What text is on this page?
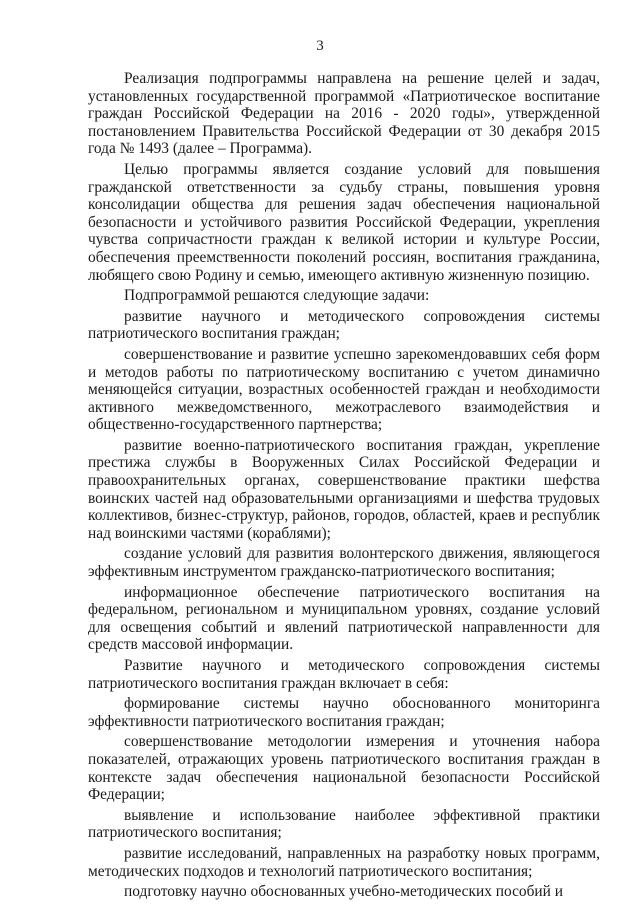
3

Реализация подпрограммы направлена на решение целей и задач, установленных государственной программой «Патриотическое воспитание граждан Российской Федерации на 2016 - 2020 годы», утвержденной постановлением Правительства Российской Федерации от 30 декабря 2015 года № 1493 (далее – Программа).

Целью программы является создание условий для повышения гражданской ответственности за судьбу страны, повышения уровня консолидации общества для решения задач обеспечения национальной безопасности и устойчивого развития Российской Федерации, укрепления чувства сопричастности граждан к великой истории и культуре России, обеспечения преемственности поколений россиян, воспитания гражданина, любящего свою Родину и семью, имеющего активную жизненную позицию.

Подпрограммой решаются следующие задачи:

развитие научного и методического сопровождения системы патриотического воспитания граждан;

совершенствование и развитие успешно зарекомендовавших себя форм и методов работы по патриотическому воспитанию с учетом динамично меняющейся ситуации, возрастных особенностей граждан и необходимости активного межведомственного, межотраслевого взаимодействия и общественно-государственного партнерства;

развитие военно-патриотического воспитания граждан, укрепление престижа службы в Вооруженных Силах Российской Федерации и правоохранительных органах, совершенствование практики шефства воинских частей над образовательными организациями и шефства трудовых коллективов, бизнес-структур, районов, городов, областей, краев и республик над воинскими частями (кораблями);

создание условий для развития волонтерского движения, являющегося эффективным инструментом гражданско-патриотического воспитания;

информационное обеспечение патриотического воспитания на федеральном, региональном и муниципальном уровнях, создание условий для освещения событий и явлений патриотической направленности для средств массовой информации.

Развитие научного и методического сопровождения системы патриотического воспитания граждан включает в себя:

формирование системы научно обоснованного мониторинга эффективности патриотического воспитания граждан;

совершенствование методологии измерения и уточнения набора показателей, отражающих уровень патриотического воспитания граждан в контексте задач обеспечения национальной безопасности Российской Федерации;

выявление и использование наиболее эффективной практики патриотического воспитания;

развитие исследований, направленных на разработку новых программ, методических подходов и технологий патриотического воспитания;

подготовку научно обоснованных учебно-методических пособий и
